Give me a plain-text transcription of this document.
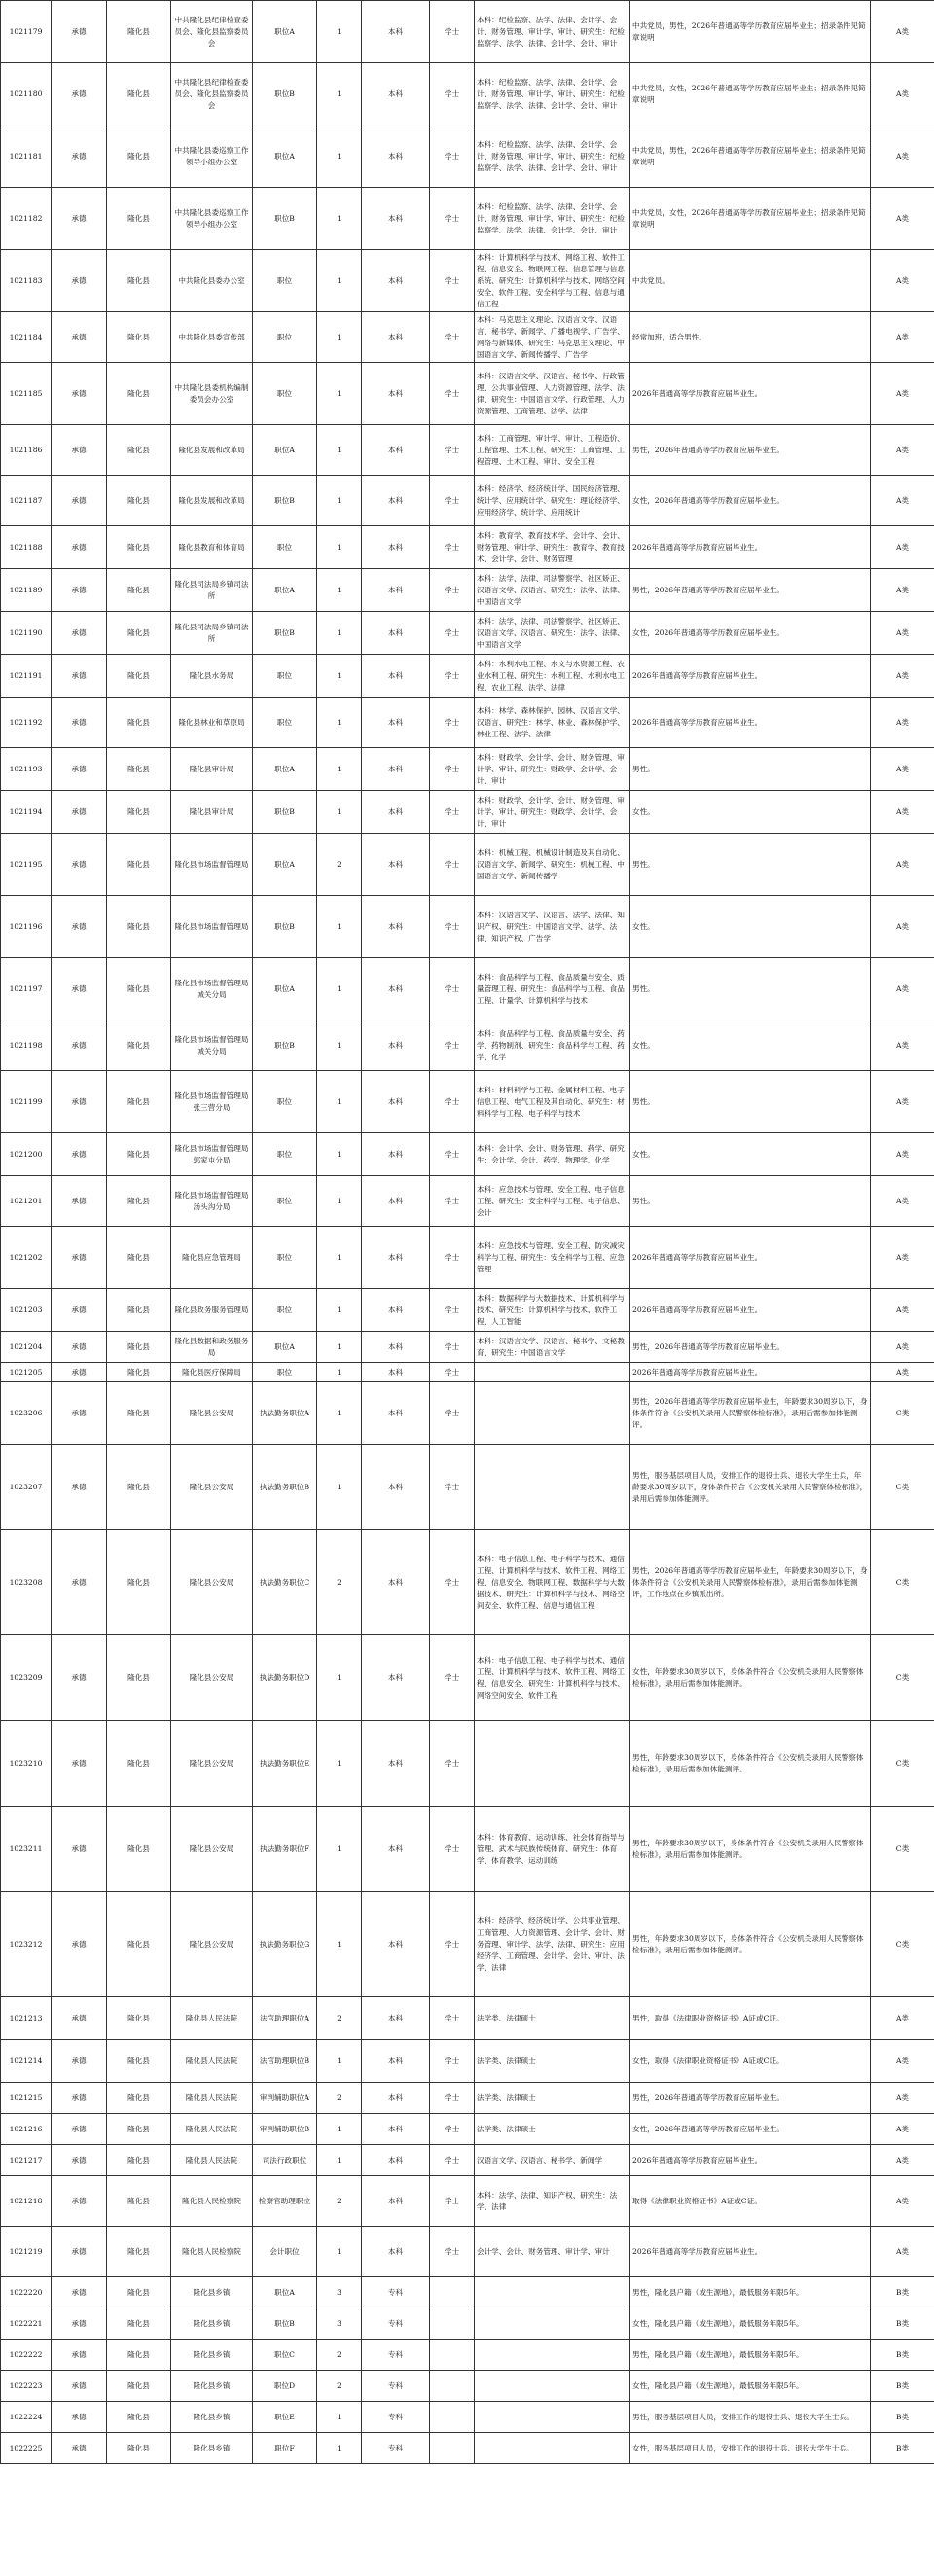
1021179	承德	隆化县	中共隆化县纪律检查委员会、隆化县监察委员会	职位A	1	本科	学士	本科：纪检监察、法学、法律、会计学、会计、财务管理、审计学、审计、研究生：纪检监察学、法学、法律、会计学、会计、审计	中共党员，男性，2026年普通高等学历教育应届毕业生；招录条件见简章说明	A类
1021180	承德	隆化县	中共隆化县纪律检查委员会、隆化县监察委员会	职位B	1	本科	学士	本科：纪检监察、法学、法律、会计学、会计、财务管理、审计学、审计、研究生：纪检监察学、法学、法律、会计学、会计、审计	中共党员，女性，2026年普通高等学历教育应届毕业生；招录条件见简章说明	A类
1021181	承德	隆化县	中共隆化县委巡察工作领导小组办公室	职位A	1	本科	学士	本科：纪检监察、法学、法律、会计学、会计、财务管理、审计学、审计、研究生：纪检监察学、法学、法律、会计学、会计、审计	中共党员，男性，2026年普通高等学历教育应届毕业生；招录条件见简章说明	A类
1021182	承德	隆化县	中共隆化县委巡察工作领导小组办公室	职位B	1	本科	学士	本科：纪检监察、法学、法律、会计学、会计、财务管理、审计学、审计、研究生：纪检监察学、法学、法律、会计学、会计、审计	中共党员，女性，2026年普通高等学历教育应届毕业生；招录条件见简章说明	A类
1021183	承德	隆化县	中共隆化县委办公室	职位	1	本科	学士	本科：计算机科学与技术、网络工程、软件工程、信息安全、物联网工程、信息管理与信息系统、研究生：计算机科学与技术、网络空间安全、软件工程、安全科学与工程、信息与通信工程	中共党员。	A类
1021184	承德	隆化县	中共隆化县委宣传部	职位	1	本科	学士	本科：马克思主义理论、汉语言文学、汉语言、秘书学、新闻学、广播电视学、广告学、网络与新媒体、研究生：马克思主义理论、中国语言文学、新闻传播学、广告学	经常加班，适合男性。	A类
1021185	承德	隆化县	中共隆化县委机构编制委员会办公室	职位	1	本科	学士	本科：汉语言文学、汉语言、秘书学、行政管理、公共事业管理、人力资源管理、法学、法律、研究生：中国语言文学、行政管理、人力资源管理、工商管理、法学、法律	2026年普通高等学历教育应届毕业生。	A类
1021186	承德	隆化县	隆化县发展和改革局	职位A	1	本科	学士	本科：工商管理、审计学、审计、工程造价、工程管理、土木工程、研究生：工商管理、工程管理、土木工程、审计、安全工程	男性，2026年普通高等学历教育应届毕业生。	A类
1021187	承德	隆化县	隆化县发展和改革局	职位B	1	本科	学士	本科：经济学、经济统计学、国民经济管理、统计学、应用统计学、研究生：理论经济学、应用经济学、统计学、应用统计	女性，2026年普通高等学历教育应届毕业生。	A类
1021188	承德	隆化县	隆化县教育和体育局	职位	1	本科	学士	本科：教育学、教育技术学、会计学、会计、财务管理、审计学、研究生：教育学、教育技术、会计学、会计、财务管理	2026年普通高等学历教育应届毕业生。	A类
1021189	承德	隆化县	隆化县司法局乡镇司法所	职位A	1	本科	学士	本科：法学、法律、司法警察学、社区矫正、汉语言文学、汉语言、研究生：法学、法律、中国语言文学	男性，2026年普通高等学历教育应届毕业生。	A类
1021190	承德	隆化县	隆化县司法局乡镇司法所	职位B	1	本科	学士	本科：法学、法律、司法警察学、社区矫正、汉语言文学、汉语言、研究生：法学、法律、中国语言文学	女性，2026年普通高等学历教育应届毕业生。	A类
1021191	承德	隆化县	隆化县水务局	职位	1	本科	学士	本科：水利水电工程、水文与水资源工程、农业水利工程、研究生：水利工程、水利水电工程、农业工程、法学、法律	2026年普通高等学历教育应届毕业生。	A类
1021192	承德	隆化县	隆化县林业和草原局	职位	1	本科	学士	本科：林学、森林保护、园林、汉语言文学、汉语言、研究生：林学、林业、森林保护学、林业工程、法学、法律	2026年普通高等学历教育应届毕业生。	A类
1021193	承德	隆化县	隆化县审计局	职位A	1	本科	学士	本科：财政学、会计学、会计、财务管理、审计学、审计、研究生：财政学、会计学、会计、审计	男性。	A类
1021194	承德	隆化县	隆化县审计局	职位B	1	本科	学士	本科：财政学、会计学、会计、财务管理、审计学、审计、研究生：财政学、会计学、会计、审计	女性。	A类
1021195	承德	隆化县	隆化县市场监督管理局	职位A	2	本科	学士	本科：机械工程、机械设计制造及其自动化、汉语言文学、新闻学、研究生：机械工程、中国语言文学、新闻传播学	男性。	A类
1021196	承德	隆化县	隆化县市场监督管理局	职位B	1	本科	学士	本科：汉语言文学、汉语言、法学、法律、知识产权、研究生：中国语言文学、法学、法律、知识产权、广告学	女性。	A类
1021197	承德	隆化县	隆化县市场监督管理局城关分局	职位A	1	本科	学士	本科：食品科学与工程、食品质量与安全、质量管理工程、研究生：食品科学与工程、食品工程、计量学、计算机科学与技术	男性。	A类
1021198	承德	隆化县	隆化县市场监督管理局城关分局	职位B	1	本科	学士	本科：食品科学与工程、食品质量与安全、药学、药物制剂、研究生：食品科学与工程、药学、化学	女性。	A类
1021199	承德	隆化县	隆化县市场监督管理局张三营分局	职位	1	本科	学士	本科：材料科学与工程、金属材料工程、电子信息工程、电气工程及其自动化、研究生：材料科学与工程、电子科学与技术	男性。	A类
1021200	承德	隆化县	隆化县市场监督管理局郭家屯分局	职位	1	本科	学士	本科：会计学、会计、财务管理、药学、研究生：会计学、会计、药学、物理学、化学	女性。	A类
1021201	承德	隆化县	隆化县市场监督管理局汤头沟分局	职位	1	本科	学士	本科：应急技术与管理、安全工程、电子信息工程、研究生：安全科学与工程、电子信息、会计	男性。	A类
1021202	承德	隆化县	隆化县应急管理局	职位	1	本科	学士	本科：应急技术与管理、安全工程、防灾减灾科学与工程、研究生：安全科学与工程、应急管理	2026年普通高等学历教育应届毕业生。	A类
1021203	承德	隆化县	隆化县政务服务管理局	职位	1	本科	学士	本科：数据科学与大数据技术、计算机科学与技术、研究生：计算机科学与技术、软件工程、人工智能	2026年普通高等学历教育应届毕业生。	A类
1021204	承德	隆化县	隆化县数据和政务服务局	职位A	1	本科	学士	本科：汉语言文学、汉语言、秘书学、文秘教育、研究生：中国语言文学	男性，2026年普通高等学历教育应届毕业生。	A类
1021205	承德	隆化县	隆化县医疗保障局	职位	1	本科	学士		2026年普通高等学历教育应届毕业生。	A类
1023206	承德	隆化县	隆化县公安局	执法勤务职位A	1	本科	学士		男性，2026年普通高等学历教育应届毕业生，年龄要求30周岁以下，身体条件符合《公安机关录用人民警察体检标准》，录用后需参加体能测评。	C类
1023207	承德	隆化县	隆化县公安局	执法勤务职位B	1	本科	学士		男性，服务基层项目人员，安排工作的退役士兵、退役大学生士兵，年龄要求30周岁以下，身体条件符合《公安机关录用人民警察体检标准》，录用后需参加体能测评。	C类
1023208	承德	隆化县	隆化县公安局	执法勤务职位C	2	本科	学士	本科：电子信息工程、电子科学与技术、通信工程、计算机科学与技术、软件工程、网络工程、信息安全、物联网工程、数据科学与大数据技术、研究生：计算机科学与技术、网络空间安全、软件工程、信息与通信工程	男性，2026年普通高等学历教育应届毕业生，年龄要求30周岁以下，身体条件符合《公安机关录用人民警察体检标准》，录用后需参加体能测评，工作地点在乡镇派出所。	C类
1023209	承德	隆化县	隆化县公安局	执法勤务职位D	1	本科	学士	本科：电子信息工程、电子科学与技术、通信工程、计算机科学与技术、软件工程、网络工程、信息安全、研究生：计算机科学与技术、网络空间安全、软件工程	女性，年龄要求30周岁以下，身体条件符合《公安机关录用人民警察体检标准》，录用后需参加体能测评。	C类
1023210	承德	隆化县	隆化县公安局	执法勤务职位E	1	本科	学士		男性，年龄要求30周岁以下，身体条件符合《公安机关录用人民警察体检标准》，录用后需参加体能测评。	C类
1023211	承德	隆化县	隆化县公安局	执法勤务职位F	1	本科	学士	本科：体育教育、运动训练、社会体育指导与管理、武术与民族传统体育、研究生：体育学、体育教学、运动训练	男性，年龄要求30周岁以下，身体条件符合《公安机关录用人民警察体检标准》，录用后需参加体能测评。	C类
1023212	承德	隆化县	隆化县公安局	执法勤务职位G	1	本科	学士	本科：经济学、经济统计学、公共事业管理、工商管理、人力资源管理、会计学、会计、财务管理、审计学、法学、法律、研究生：应用经济学、工商管理、会计学、会计、审计、法学、法律	男性，年龄要求30周岁以下，身体条件符合《公安机关录用人民警察体检标准》，录用后需参加体能测评。	C类
1021213	承德	隆化县	隆化县人民法院	法官助理职位A	2	本科	学士	法学类、法律硕士	男性，取得《法律职业资格证书》A证或C证。	A类
1021214	承德	隆化县	隆化县人民法院	法官助理职位B	1	本科	学士	法学类、法律硕士	女性，取得《法律职业资格证书》A证或C证。	A类
1021215	承德	隆化县	隆化县人民法院	审判辅助职位A	2	本科	学士	法学类、法律硕士	男性，2026年普通高等学历教育应届毕业生。	A类
1021216	承德	隆化县	隆化县人民法院	审判辅助职位B	1	本科	学士	法学类、法律硕士	女性，2026年普通高等学历教育应届毕业生。	A类
1021217	承德	隆化县	隆化县人民法院	司法行政职位	1	本科	学士	汉语言文学、汉语言、秘书学、新闻学	2026年普通高等学历教育应届毕业生。	A类
1021218	承德	隆化县	隆化县人民检察院	检察官助理职位	2	本科	学士	本科：法学、法律、知识产权、研究生：法学、法律	取得《法律职业资格证书》A证或C证。	A类
1021219	承德	隆化县	隆化县人民检察院	会计职位	1	本科	学士	会计学、会计、财务管理、审计学、审计	2026年普通高等学历教育应届毕业生。	A类
1022220	承德	隆化县	隆化县乡镇	职位A	3	专科			男性，隆化县户籍（或生源地），最低服务年限5年。	B类
1022221	承德	隆化县	隆化县乡镇	职位B	3	专科			女性，隆化县户籍（或生源地），最低服务年限5年。	B类
1022222	承德	隆化县	隆化县乡镇	职位C	2	专科			男性，隆化县户籍（或生源地），最低服务年限5年。	B类
1022223	承德	隆化县	隆化县乡镇	职位D	2	专科			女性，隆化县户籍（或生源地），最低服务年限5年。	B类
1022224	承德	隆化县	隆化县乡镇	职位E	1	专科			男性，服务基层项目人员，安排工作的退役士兵、退役大学生士兵。	B类
1022225	承德	隆化县	隆化县乡镇	职位F	1	专科			女性，服务基层项目人员，安排工作的退役士兵、退役大学生士兵。	B类
